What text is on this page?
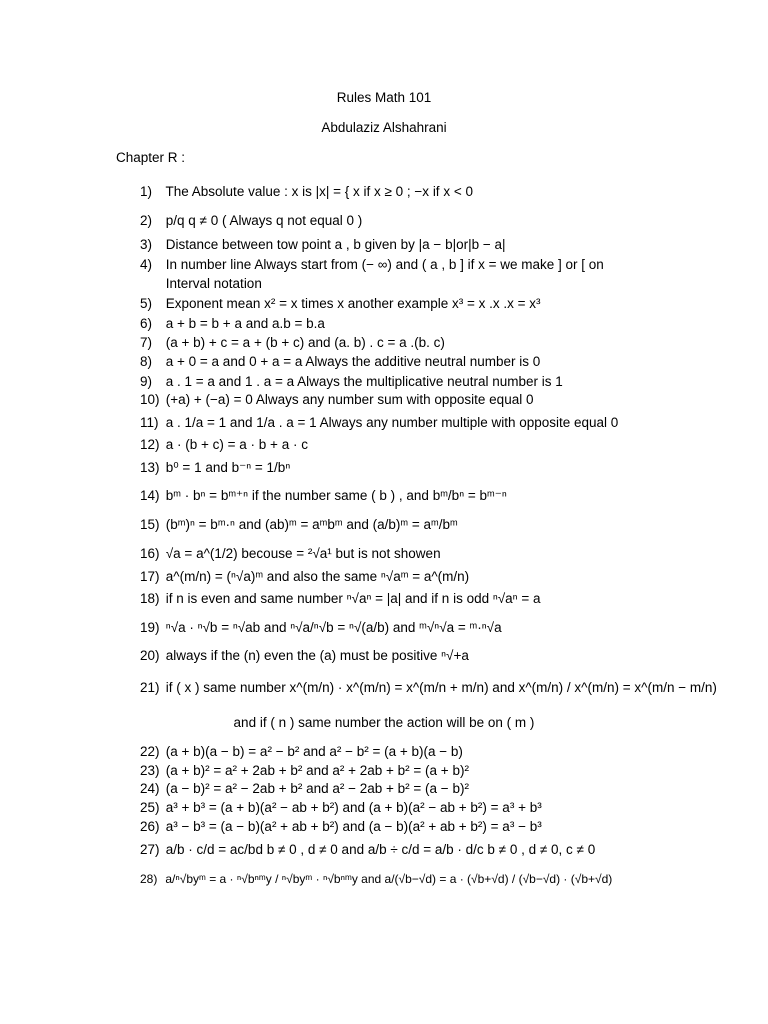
Rules Math 101
Abdulaziz Alshahrani
Chapter R :
1) The Absolute value : x is |x| = { x if x ≥ 0 ; −x if x < 0
2) p/q q ≠ 0 ( Always q not equal 0 )
3) Distance between tow point a , b given by |a − b|or|b − a|
4) In number line Always start from (− ∞) and ( a , b ] if x = we make ] or [ on
Interval notation
5) Exponent mean x² = x times x another example x³ = x .x .x = x³
6) a + b = b + a and a.b = b.a
7) (a + b) + c = a + (b + c) and (a. b) . c = a .(b. c)
8) a + 0 = a and 0 + a = a Always the additive neutral number is 0
9) a . 1 = a and 1 . a = a Always the multiplicative neutral number is 1
10) (+a) + (−a) = 0 Always any number sum with opposite equal 0
11) a . 1/a = 1 and 1/a . a = 1 Always any number multiple with opposite equal 0
12) a · (b + c) = a · b + a · c
13) b⁰ = 1 and b⁻ⁿ = 1/bⁿ
14) bᵐ · bⁿ = bᵐ⁺ⁿ if the number same ( b ) , and bᵐ/bⁿ = bᵐ⁻ⁿ
15) (bᵐ)ⁿ = bᵐ·ⁿ and (ab)ᵐ = aᵐbᵐ and (a/b)ᵐ = aᵐ/bᵐ
16) √a = a^(1/2) becouse = ²√a¹ but is not showen
17) a^(m/n) = (ⁿ√a)ᵐ and also the same ⁿ√aᵐ = a^(m/n)
18) if n is even and same number ⁿ√aⁿ = |a| and if n is odd ⁿ√aⁿ = a
19) ⁿ√a · ⁿ√b = ⁿ√ab and ⁿ√a/ⁿ√b = ⁿ√(a/b) and ᵐ√ⁿ√a = ᵐ·ⁿ√a
20) always if the (n) even the (a) must be positive ⁿ√+a
21) if ( x ) same number x^(m/n) · x^(m/n) = x^(m/n + m/n) and x^(m/n) / x^(m/n) = x^(m/n − m/n)
and if ( n ) same number the action will be on ( m )
22) (a + b)(a − b) = a² − b² and a² − b² = (a + b)(a − b)
23) (a + b)² = a² + 2ab + b² and a² + 2ab + b² = (a + b)²
24) (a − b)² = a² − 2ab + b² and a² − 2ab + b² = (a − b)²
25) a³ + b³ = (a + b)(a² − ab + b²) and (a + b)(a² − ab + b²) = a³ + b³
26) a³ − b³ = (a − b)(a² + ab + b²) and (a − b)(a² + ab + b²) = a³ − b³
27) a/b · c/d = ac/bd b ≠ 0 , d ≠ 0 and a/b ÷ c/d = a/b · d/c b ≠ 0 , d ≠ 0, c ≠ 0
28) a/ⁿ√byᵐ = a · ⁿ√bⁿᵐy / ⁿ√byᵐ · ⁿ√bⁿᵐy and a/(√b−√d) = a · (√b+√d) / (√b−√d) · (√b+√d)
